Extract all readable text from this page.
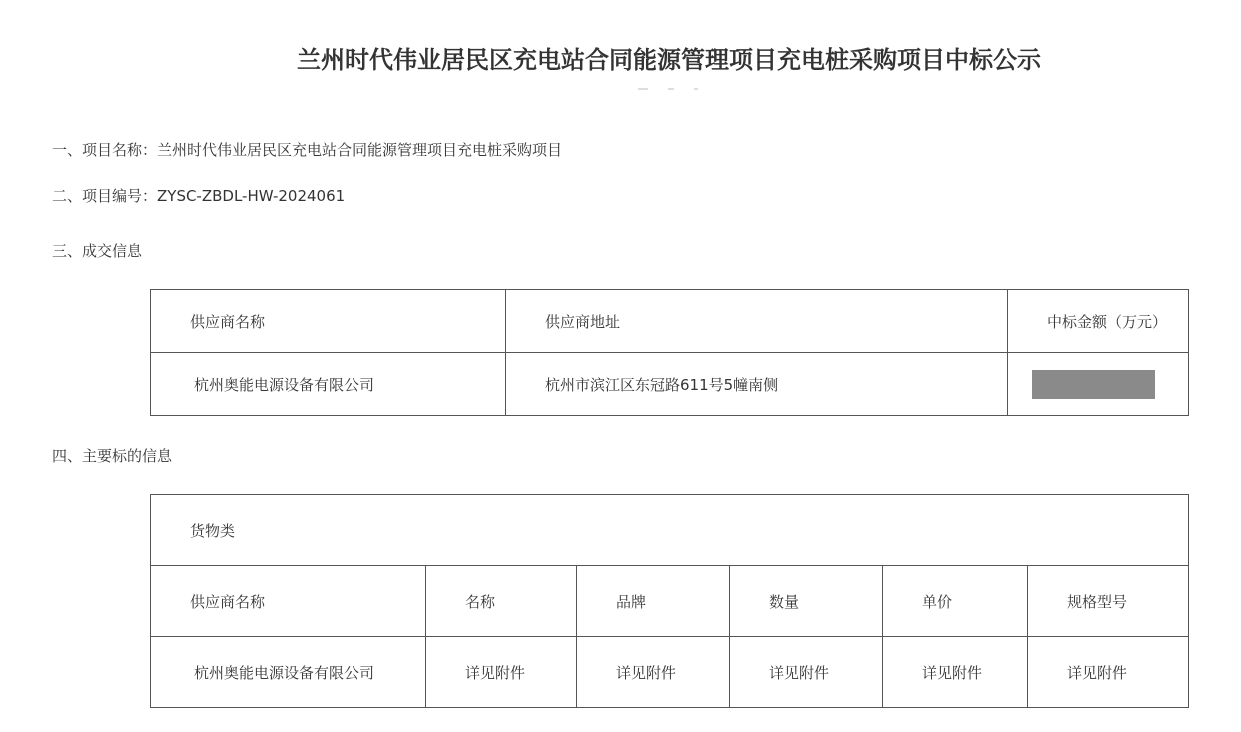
兰州时代伟业居民区充电站合同能源管理项目充电桩采购项目中标公示

一、项目名称：兰州时代伟业居民区充电站合同能源管理项目充电桩采购项目

二、项目编号：ZYSC-ZBDL-HW-2024061

三、成交信息

供应商名称	供应商地址	中标金额（万元）
杭州奥能电源设备有限公司	杭州市滨江区东冠路611号5幢南侧	

四、主要标的信息

货物类					
供应商名称	名称	品牌	数量	单价	规格型号
杭州奥能电源设备有限公司	详见附件	详见附件	详见附件	详见附件	详见附件
